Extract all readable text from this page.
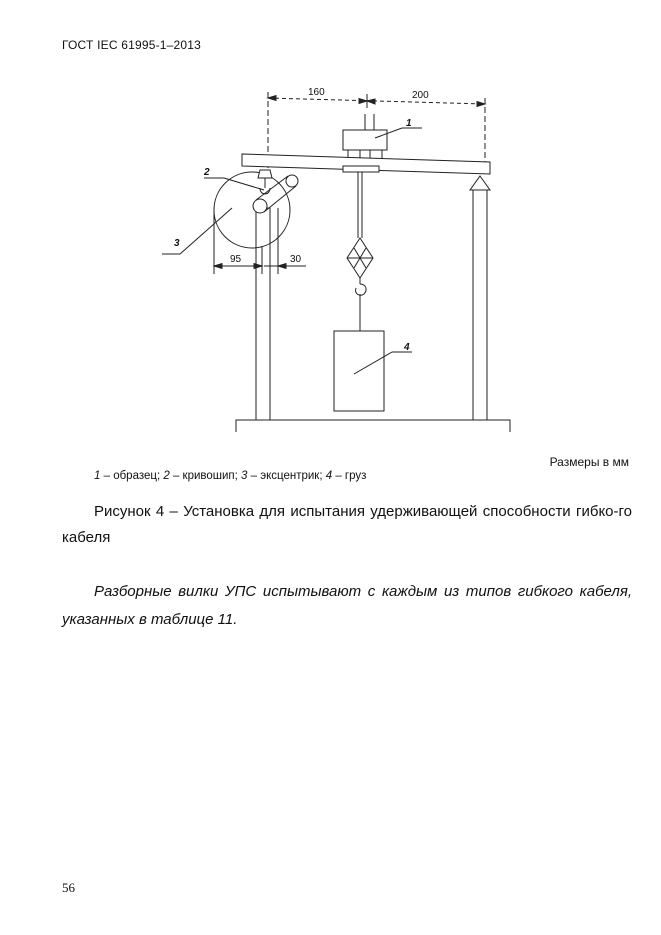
ГОСТ IEC 61995-1–2013
160	200
1
4
3
2
95	30
Размеры в мм
1 – образец; 2 – кривошип; 3 – эксцентрик; 4 – груз
Рисунок 4 – Установка для испытания удерживающей способности гибко-го кабеля
Разборные вилки УПС испытывают с каждым из типов гибкого кабеля, указанных в таблице 11.
56
